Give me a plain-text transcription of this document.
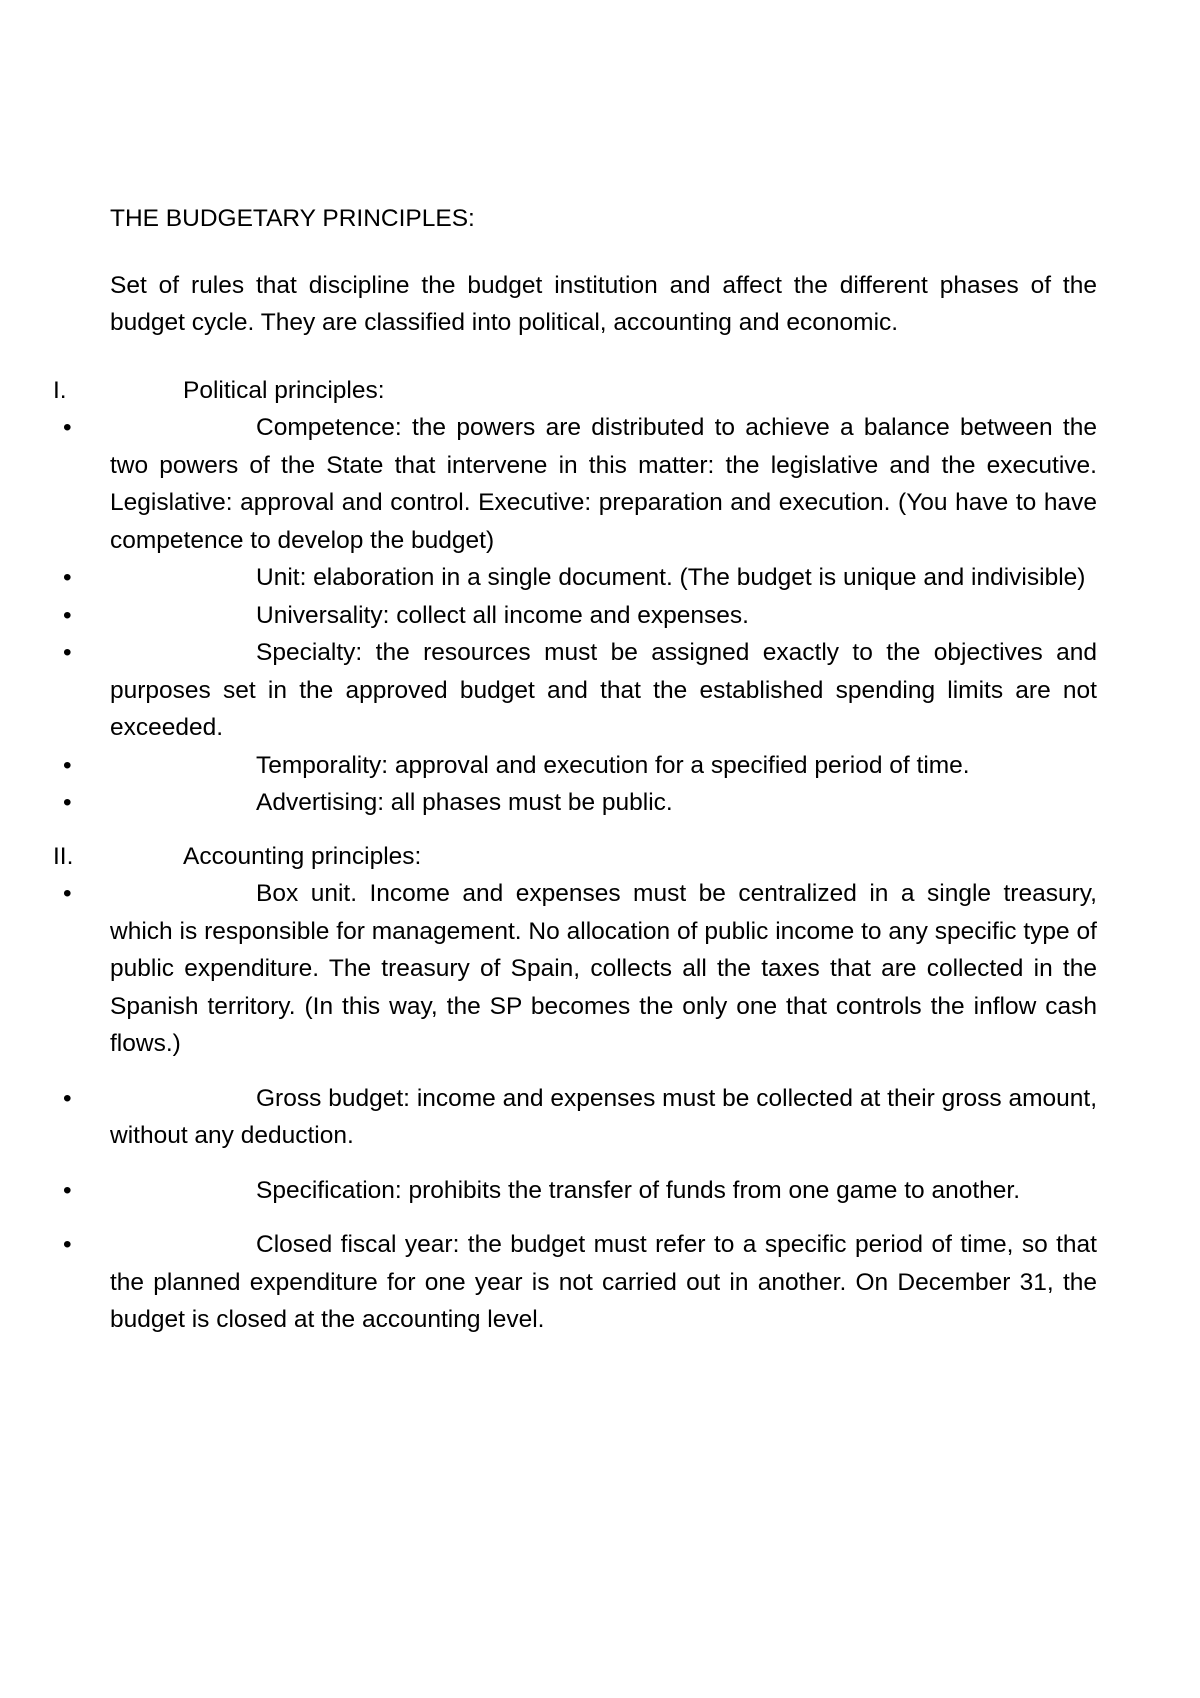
THE BUDGETARY PRINCIPLES:

Set of rules that discipline the budget institution and affect the different phases of the budget cycle. They are classified into political, accounting and economic.

I.	Political principles:
•	Competence: the powers are distributed to achieve a balance between the two powers of the State that intervene in this matter: the legislative and the executive. Legislative: approval and control. Executive: preparation and execution. (You have to have competence to develop the budget)
•	Unit: elaboration in a single document. (The budget is unique and indivisible)
•	Universality: collect all income and expenses.
•	Specialty: the resources must be assigned exactly to the objectives and purposes set in the approved budget and that the established spending limits are not exceeded.
•	Temporality: approval and execution for a specified period of time.
•	Advertising: all phases must be public.
II.	Accounting principles:
•	Box unit. Income and expenses must be centralized in a single treasury, which is responsible for management. No allocation of public income to any specific type of public expenditure. The treasury of Spain, collects all the taxes that are collected in the Spanish territory. (In this way, the SP becomes the only one that controls the inflow cash flows.)
•	Gross budget: income and expenses must be collected at their gross amount, without any deduction.
•	Specification: prohibits the transfer of funds from one game to another.
•	Closed fiscal year: the budget must refer to a specific period of time, so that the planned expenditure for one year is not carried out in another. On December 31, the budget is closed at the accounting level.
